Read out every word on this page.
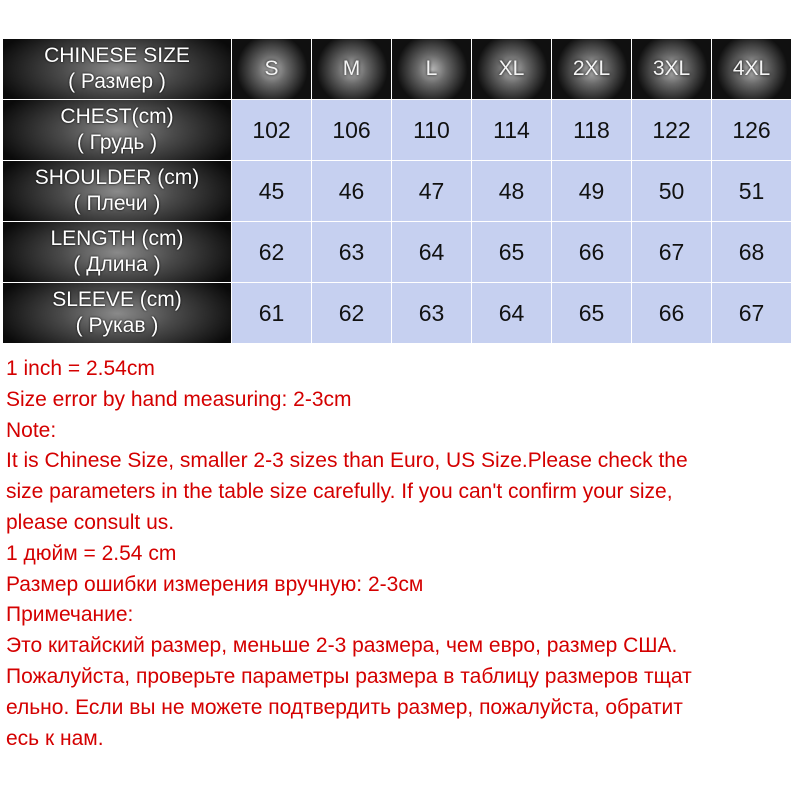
CHINESE SIZE
( Размер )	S	M	L	XL	2XL	3XL	4XL

CHEST(cm)
( Грудь )	102	106	110	114	118	122	126

SHOULDER (cm)
( Плечи )	45	46	47	48	49	50	51

LENGTH (cm)
( Длина )	62	63	64	65	66	67	68

SLEEVE (cm)
( Рукав )	61	62	63	64	65	66	67
1 inch = 2.54cm
Size error by hand measuring: 2-3cm
Note:
It is Chinese Size, smaller 2-3 sizes than Euro, US Size.Please check the
size parameters in the table size carefully. If you can't confirm your size,
please consult us.
1 дюйм = 2.54 cm
Размер ошибки измерения вручную: 2-3см
Примечание:
Это китайский размер, меньше 2-3 размера, чем евро, размер США.
Пожалуйста, проверьте параметры размера в таблицу размеров тщат
ельно. Если вы не можете подтвердить размер, пожалуйста, обратит
есь к нам.
